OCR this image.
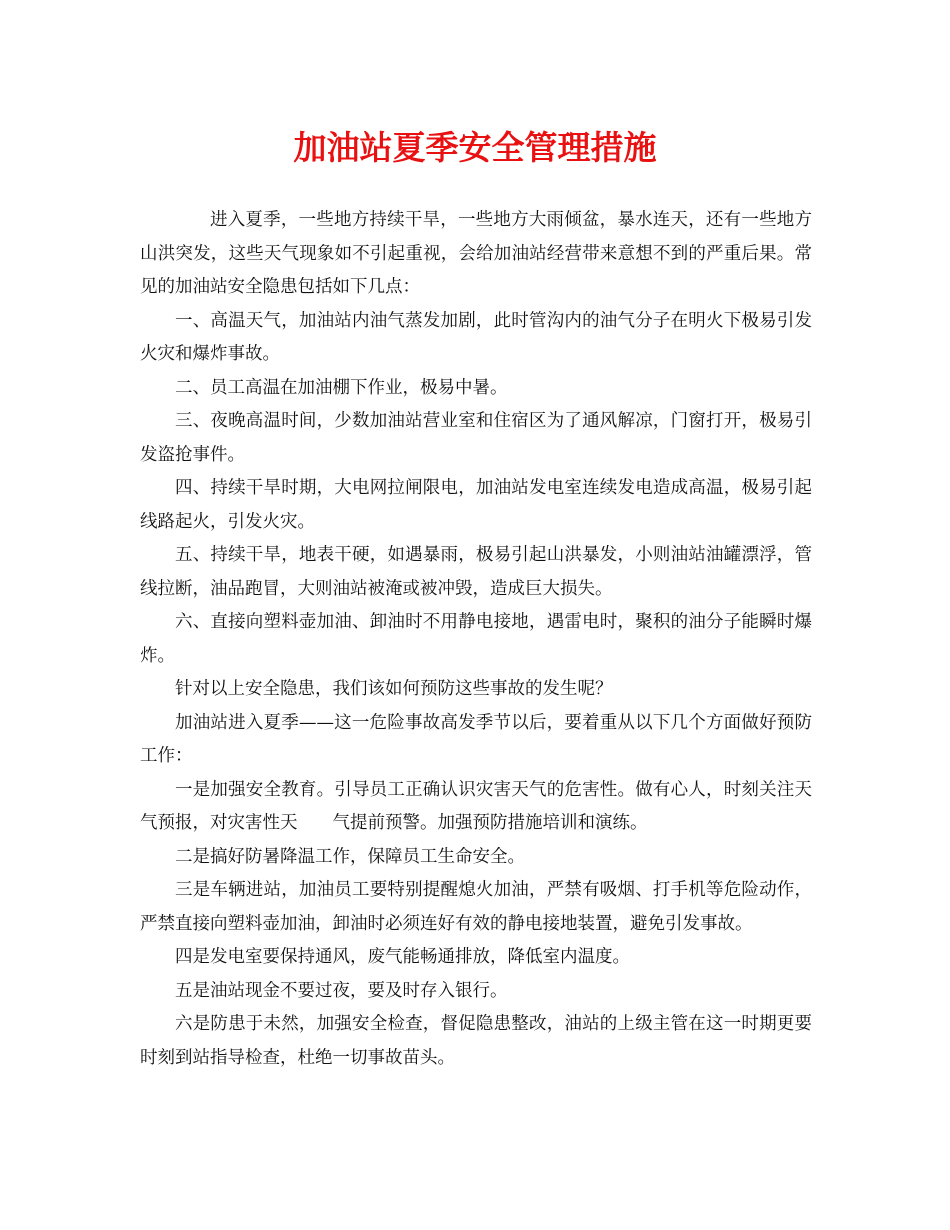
加油站夏季安全管理措施

进入夏季，一些地方持续干旱，一些地方大雨倾盆，暴水连天，还有一些地方山洪突发，这些天气现象如不引起重视，会给加油站经营带来意想不到的严重后果。常见的加油站安全隐患包括如下几点：

一、高温天气，加油站内油气蒸发加剧，此时管沟内的油气分子在明火下极易引发火灾和爆炸事故。

二、员工高温在加油棚下作业，极易中暑。

三、夜晚高温时间，少数加油站营业室和住宿区为了通风解凉，门窗打开，极易引发盗抢事件。

四、持续干旱时期，大电网拉闸限电，加油站发电室连续发电造成高温，极易引起线路起火，引发火灾。

五、持续干旱，地表干硬，如遇暴雨，极易引起山洪暴发，小则油站油罐漂浮，管线拉断，油品跑冒，大则油站被淹或被冲毁，造成巨大损失。

六、直接向塑料壶加油、卸油时不用静电接地，遇雷电时，聚积的油分子能瞬时爆炸。

针对以上安全隐患，我们该如何预防这些事故的发生呢？

加油站进入夏季——这一危险事故高发季节以后，要着重从以下几个方面做好预防工作：

一是加强安全教育。引导员工正确认识灾害天气的危害性。做有心人，时刻关注天气预报，对灾害性天　　气提前预警。加强预防措施培训和演练。

二是搞好防暑降温工作，保障员工生命安全。

三是车辆进站，加油员工要特别提醒熄火加油，严禁有吸烟、打手机等危险动作，严禁直接向塑料壶加油，卸油时必须连好有效的静电接地装置，避免引发事故。

四是发电室要保持通风，废气能畅通排放，降低室内温度。

五是油站现金不要过夜，要及时存入银行。

六是防患于未然，加强安全检查，督促隐患整改，油站的上级主管在这一时期更要时刻到站指导检查，杜绝一切事故苗头。
